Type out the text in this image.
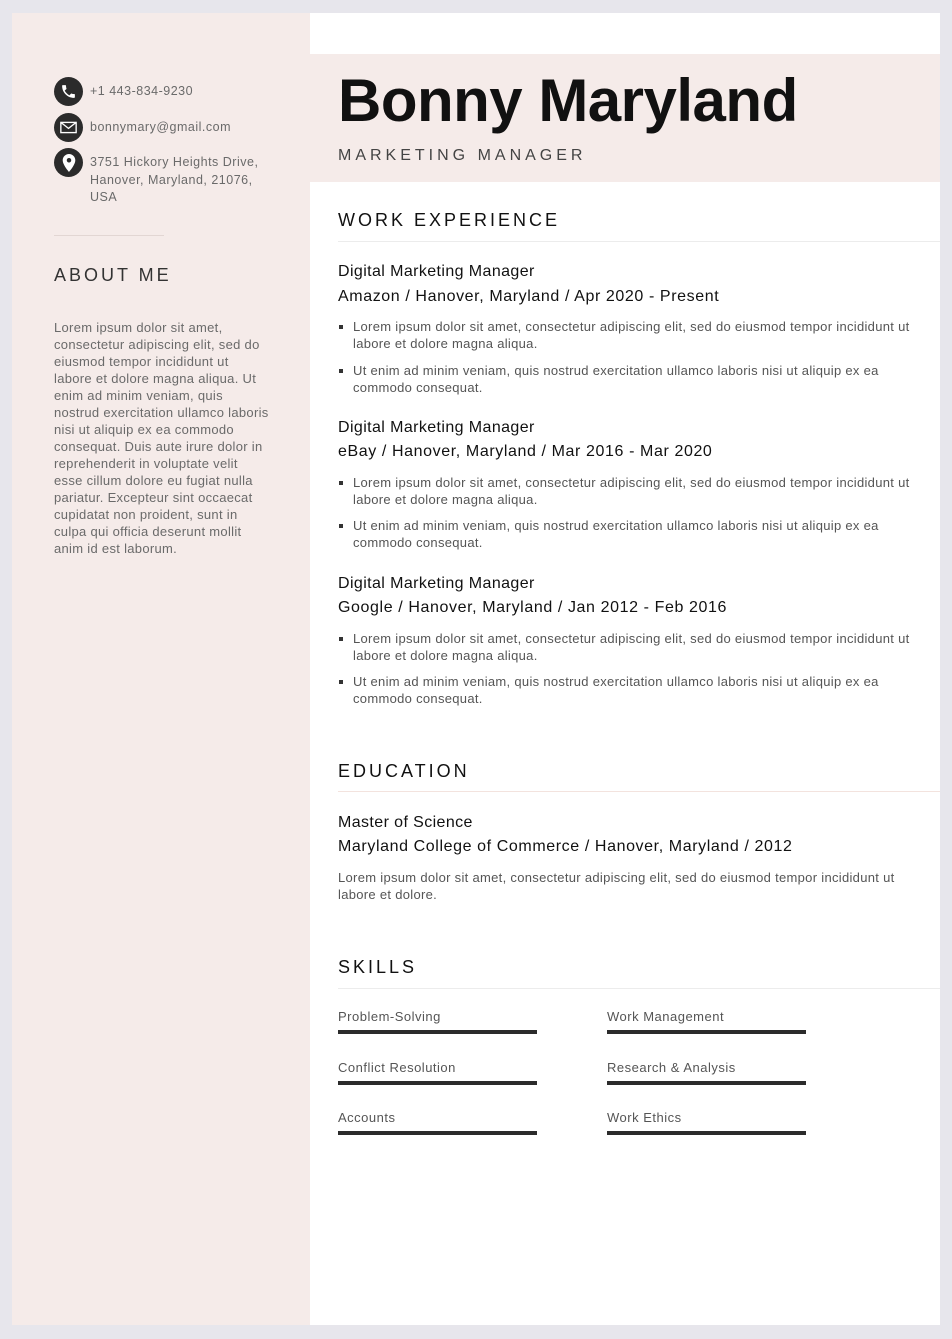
+1 443-834-9230
bonnymary@gmail.com
3751 Hickory Heights Drive, Hanover, Maryland, 21076, USA
ABOUT ME
Lorem ipsum dolor sit amet, consectetur adipiscing elit, sed do eiusmod tempor incididunt ut labore et dolore magna aliqua. Ut enim ad minim veniam, quis nostrud exercitation ullamco laboris nisi ut aliquip ex ea commodo consequat. Duis aute irure dolor in reprehenderit in voluptate velit esse cillum dolore eu fugiat nulla pariatur. Excepteur sint occaecat cupidatat non proident, sunt in culpa qui officia deserunt mollit anim id est laborum.
Bonny Maryland
MARKETING MANAGER
WORK EXPERIENCE
Digital Marketing Manager
Amazon / Hanover, Maryland / Apr 2020 - Present
Lorem ipsum dolor sit amet, consectetur adipiscing elit, sed do eiusmod tempor incididunt ut labore et dolore magna aliqua.
Ut enim ad minim veniam, quis nostrud exercitation ullamco laboris nisi ut aliquip ex ea commodo consequat.
Digital Marketing Manager
eBay / Hanover, Maryland / Mar 2016 - Mar 2020
Lorem ipsum dolor sit amet, consectetur adipiscing elit, sed do eiusmod tempor incididunt ut labore et dolore magna aliqua.
Ut enim ad minim veniam, quis nostrud exercitation ullamco laboris nisi ut aliquip ex ea commodo consequat.
Digital Marketing Manager
Google / Hanover, Maryland / Jan 2012 - Feb 2016
Lorem ipsum dolor sit amet, consectetur adipiscing elit, sed do eiusmod tempor incididunt ut labore et dolore magna aliqua.
Ut enim ad minim veniam, quis nostrud exercitation ullamco laboris nisi ut aliquip ex ea commodo consequat.
EDUCATION
Master of Science
Maryland College of Commerce / Hanover, Maryland / 2012
Lorem ipsum dolor sit amet, consectetur adipiscing elit, sed do eiusmod tempor incididunt ut labore et dolore.
SKILLS
Problem-Solving	Work Management
Conflict Resolution	Research & Analysis
Accounts	Work Ethics
